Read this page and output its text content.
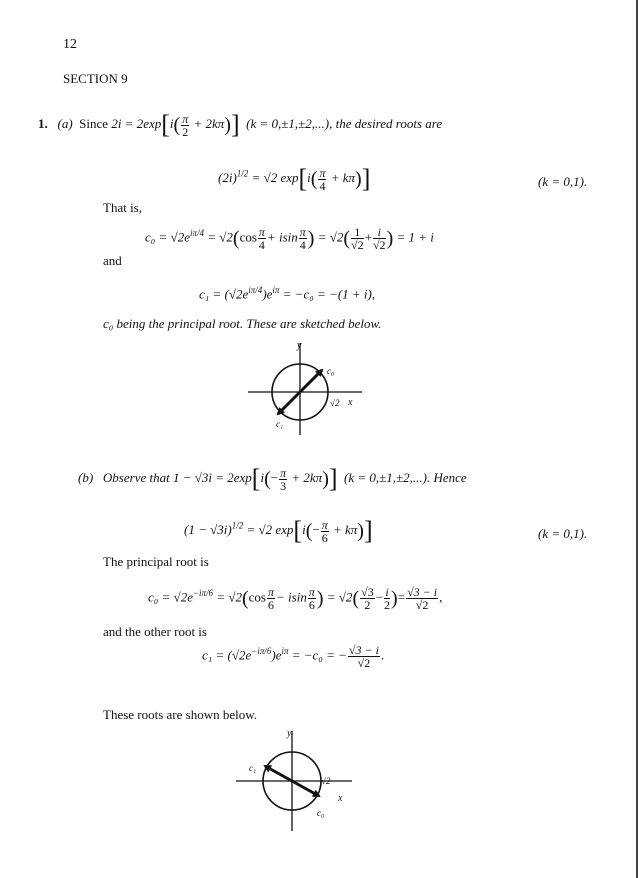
12
SECTION 9
1. (a) Since $2i = 2\exp[i( \frac{\pi}{2} + 2k\pi)]$ (k = 0,±1,±2,...), the desired roots are
$(2i)^{1/2} = √2$ $\exp[i( \frac{\pi}{4} + k\pi)]$	(k = 0,1).
That is,
$c_0 = √2e^{i\pi/4} = √2(\cos \frac{\pi}{4} + isin \frac{\pi}{4}$ ) = $√2( \frac{1}{√2} + \frac{i}{√2}$ ) = 1 + i
and
$c_1 = (√2e^{i\pi/4})e^{i\pi} = -c_0 = -(1 + i)$,
c₀ being the principal root. These are sketched below.
y
c₀
c₁
√2 x
(b) Observe that $1 - √3i = 2\exp[i(- \frac{\pi}{3} + 2k\pi)]$ (k = 0,±1,±2,...). Hence
$(1 - √3i)^{1/2} = √2$ $\exp[i(- \frac{\pi}{6} + k\pi)]$	(k = 0,1).
The principal root is
$c_0 = √2e^{-i\pi/6} = √2(\cos \frac{\pi}{6} - isin \frac{\pi}{6}$ ) = $√2( \frac{√3}{2} - \frac{i}{2}$ )= $\frac{√3 - i}{√2}$ ,
and the other root is
$c_1 = (√2e^{-i\pi/6})e^{i\pi} = -c_0$ = − $\frac{√3 - i}{√2}$ .
These roots are shown below.
y
c₁
√2
x
c₀
